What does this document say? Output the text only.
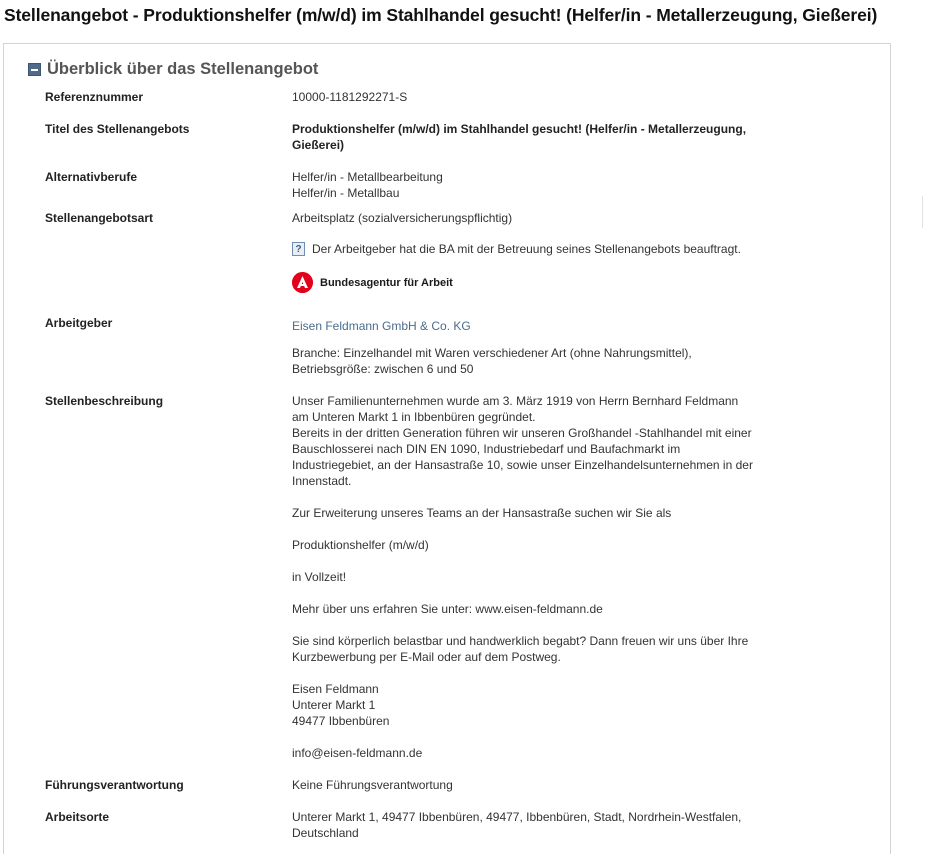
Stellenangebot - Produktionshelfer (m/w/d) im Stahlhandel gesucht! (Helfer/in - Metallerzeugung, Gießerei)
Überblick über das Stellenangebot
Referenznummer	10000-1181292271-S
Titel des Stellenangebots	Produktionshelfer (m/w/d) im Stahlhandel gesucht! (Helfer/in - Metallerzeugung,

Gießerei)

Alternativberufe	Helfer/in - Metallbearbeitung

Helfer/in - Metallbau

Stellenangebotsart	Arbeitsplatz (sozialversicherungspflichtig)

? Der Arbeitgeber hat die BA mit der Betreuung seines Stellenangebots beauftragt.
Bundesagentur für Arbeit
Arbeitgeber	Eisen Feldmann GmbH & Co. KG

Branche: Einzelhandel mit Waren verschiedener Art (ohne Nahrungsmittel),

Betriebsgröße: zwischen 6 und 50

Stellenbeschreibung	Unser Familienunternehmen wurde am 3. März 1919 von Herrn Bernhard Feldmann

am Unteren Markt 1 in Ibbenbüren gegründet.

Bereits in der dritten Generation führen wir unseren Großhandel -Stahlhandel mit einer

Bauschlosserei nach DIN EN 1090, Industriebedarf und Baufachmarkt im

Industriegebiet, an der Hansastraße 10, sowie unser Einzelhandelsunternehmen in der

Innenstadt.

Zur Erweiterung unseres Teams an der Hansastraße suchen wir Sie als

Produktionshelfer (m/w/d)

in Vollzeit!

Mehr über uns erfahren Sie unter: www.eisen-feldmann.de

Sie sind körperlich belastbar und handwerklich begabt? Dann freuen wir uns über Ihre

Kurzbewerbung per E-Mail oder auf dem Postweg.

Eisen Feldmann

Unterer Markt 1

49477 Ibbenbüren

info@eisen-feldmann.de

Führungsverantwortung	Keine Führungsverantwortung
Arbeitsorte	Unterer Markt 1, 49477 Ibbenbüren, 49477, Ibbenbüren, Stadt, Nordrhein-Westfalen,

Deutschland
